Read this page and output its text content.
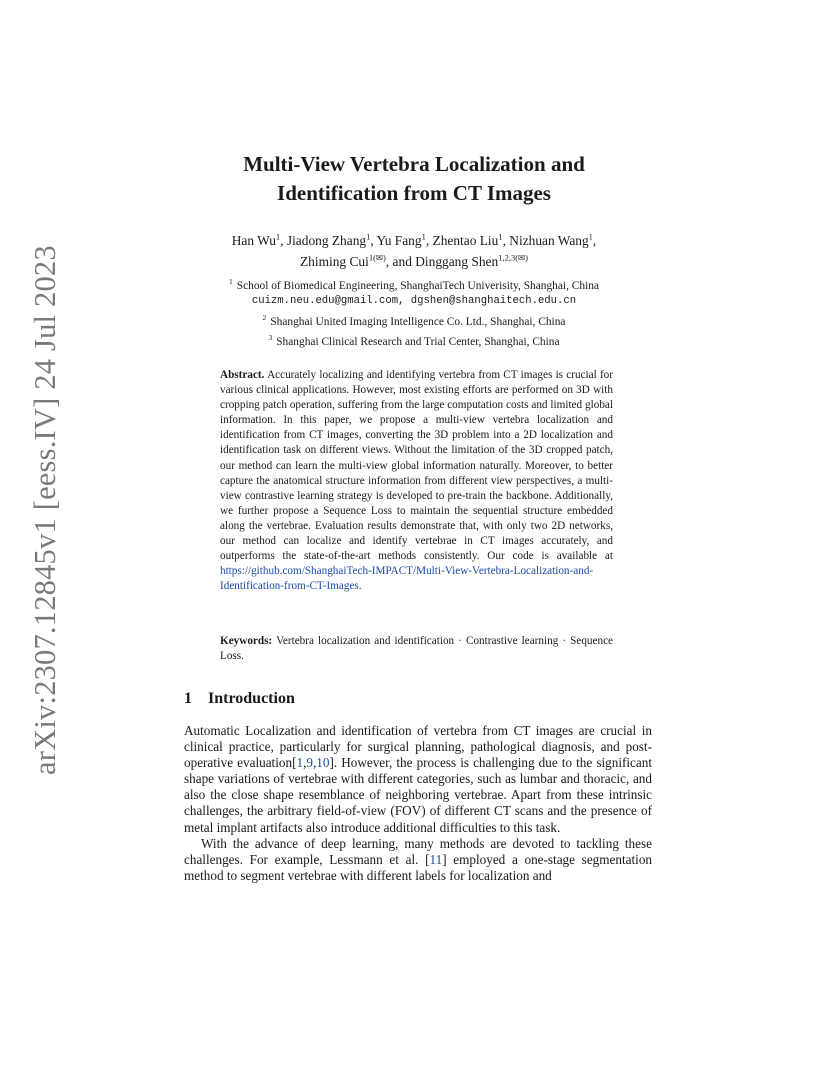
arXiv:2307.12845v1 [eess.IV] 24 Jul 2023
Multi-View Vertebra Localization and
Identification from CT Images
Han Wu$^1$, Jiadong Zhang$^1$, Yu Fang$^1$, Zhentao Liu$^1$, Nizhuan Wang$^1$,
Zhiming Cui$^{1(✉)}$, and Dinggang Shen$^{1,2,3(✉)}$
$^1$ School of Biomedical Engineering, ShanghaiTech Univerisity, Shanghai, China
cuizm.neu.edu@gmail.com, dgshen@shanghaitech.edu.cn
$^2$ Shanghai United Imaging Intelligence Co. Ltd., Shanghai, China
$^3$ Shanghai Clinical Research and Trial Center, Shanghai, China
Abstract. Accurately localizing and identifying vertebra from CT images is crucial for various clinical applications. However, most existing efforts are performed on 3D with cropping patch operation, suffering from the large computation costs and limited global information. In this paper, we propose a multi-view vertebra localization and identification from CT images, converting the 3D problem into a 2D localization and identification task on different views. Without the limitation of the 3D cropped patch, our method can learn the multi-view global information naturally. Moreover, to better capture the anatomical structure information from different view perspectives, a multi-view contrastive learning strategy is developed to pre-train the backbone. Additionally, we further propose a Sequence Loss to maintain the sequential structure embedded along the vertebrae. Evaluation results demonstrate that, with only two 2D networks, our method can localize and identify vertebrae in CT images accurately, and outperforms the state-of-the-art methods consistently. Our code is available at https://github.com/ShanghaiTech-IMPACT/Multi-View-Vertebra-Localization-and-Identification-from-CT-Images.
Keywords: Vertebra localization and identification · Contrastive learning · Sequence Loss.
1 Introduction

Automatic Localization and identification of vertebra from CT images are crucial in clinical practice, particularly for surgical planning, pathological diagnosis, and post-operative evaluation[1,9,10]. However, the process is challenging due to the significant shape variations of vertebrae with different categories, such as lumbar and thoracic, and also the close shape resemblance of neighboring vertebrae. Apart from these intrinsic challenges, the arbitrary field-of-view (FOV) of different CT scans and the presence of metal implant artifacts also introduce additional difficulties to this task.

With the advance of deep learning, many methods are devoted to tackling these challenges. For example, Lessmann et al. [11] employed a one-stage segmentation method to segment vertebrae with different labels for localization and
